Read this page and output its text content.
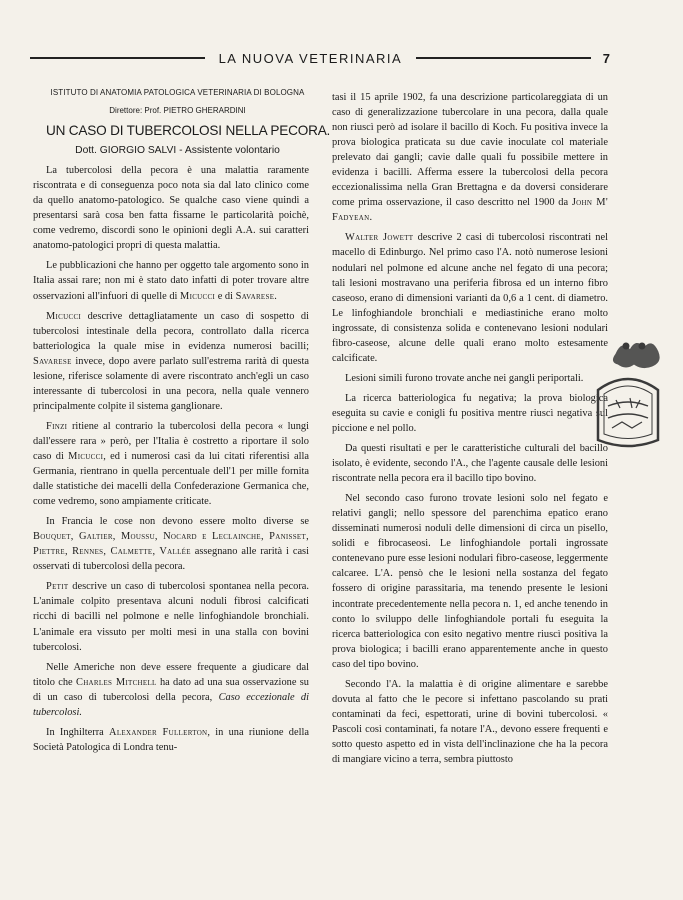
LA NUOVA VETERINARIA	7

ISTITUTO DI ANATOMIA PATOLOGICA VETERINARIA DI BOLOGNA

Direttore: Prof. PIETRO GHERARDINI

UN CASO DI TUBERCOLOSI NELLA PECORA.

Dott. GIORGIO SALVI - Assistente volontario

La tubercolosi della pecora è una malattia raramente riscontrata e di conseguenza poco nota sia dal lato clinico come da quello anatomo-patologico. Se qualche caso viene quindi a presentarsi sarà cosa ben fatta fissarne le particolarità poichè, come vedremo, discordi sono le opinioni degli A.A. sui caratteri anatomo-patologici propri di questa malattia.

Le pubblicazioni che hanno per oggetto tale argomento sono in Italia assai rare; non mi è stato dato infatti di poter trovare altre osservazioni all'infuori di quelle di Micucci e di Savarese.

Micucci descrive dettagliatamente un caso di sospetto di tubercolosi intestinale della pecora, controllato dalla ricerca batteriologica la quale mise in evidenza numerosi bacilli; Savarese invece, dopo avere parlato sull'estrema rarità di questa lesione, riferisce solamente di avere riscontrato anch'egli un caso interessante di tubercolosi in una pecora, nella quale vennero principalmente colpite il sistema ganglionare.

Finzi ritiene al contrario la tubercolosi della pecora « lungi dall'essere rara » però, per l'Italia è costretto a riportare il solo caso di Micucci, ed i numerosi casi da lui citati riferentisi alla Germania, rientrano in quella percentuale dell'1 per mille fornita dalle statistiche dei macelli della Confederazione Germanica che, come vedremo, sono ampiamente criticate.

In Francia le cose non devono essere molto diverse se Bouquet, Galtier, Moussu, Nocard e Leclainche, Panisset, Piettre, Rennes, Calmette, Vallée assegnano alle rarità i casi osservati di tubercolosi della pecora.

Petit descrive un caso di tubercolosi spontanea nella pecora. L'animale colpito presentava alcuni noduli fibrosi calcificati ricchi di bacilli nel polmone e nelle linfoghiandole bronchiali. L'animale era vissuto per molti mesi in una stalla con bovini tubercolosi.

Nelle Americhe non deve essere frequente a giudicare dal titolo che Charles Mitchell ha dato ad una sua osservazione su di un caso di tubercolosi della pecora, Caso eccezionale di tubercolosi.

In Inghilterra Alexander Fullerton, in una riunione della Società Patologica di Londra tenu-

tasi il 15 aprile 1902, fa una descrizione particolareggiata di un caso di generalizzazione tubercolare in una pecora, dalla quale non riuscì però ad isolare il bacillo di Koch. Fu positiva invece la prova biologica praticata su due cavie inoculate col materiale prelevato dai gangli; cavie dalle quali fu possibile mettere in evidenza i bacilli. Afferma essere la tubercolosi della pecora eccezionalissima nella Gran Brettagna e da doversi considerare come prima osservazione, il caso descritto nel 1900 da John M' Fadyean.

Walter Jowett descrive 2 casi di tubercolosi riscontrati nel macello di Edinburgo. Nel primo caso l'A. notò numerose lesioni nodulari nel polmone ed alcune anche nel fegato di una pecora; tali lesioni mostravano una periferia fibrosa ed un interno fibro caseoso, erano di dimensioni varianti da 0,6 a 1 cent. di diametro. Le linfoghiandole bronchiali e mediastiniche erano molto ingrossate, di consistenza solida e contenevano lesioni nodulari fibro-caseose, alcune delle quali erano molto estesamente calcificate.

Lesioni simili furono trovate anche nei gangli periportali.

La ricerca batteriologica fu negativa; la prova biologica eseguita su cavie e conigli fu positiva mentre riuscì negativa sul piccione e nel pollo.

Da questi risultati e per le caratteristiche culturali del bacillo isolato, è evidente, secondo l'A., che l'agente causale delle lesioni riscontrate nella pecora era il bacillo tipo bovino.

Nel secondo caso furono trovate lesioni solo nel fegato e relativi gangli; nello spessore del parenchima epatico erano disseminati numerosi noduli delle dimensioni di circa un pisello, solidi e fibrocaseosi. Le linfoghiandole portali ingrossate contenevano pure esse lesioni nodulari fibro-caseose, leggermente calcaree. L'A. pensò che le lesioni nella sostanza del fegato fossero di origine parassitaria, ma tenendo presente le lesioni incontrate precedentemente nella pecora n. 1, ed anche tenendo in conto lo sviluppo delle linfoghiandole portali fu eseguita la ricerca batteriologica con esito negativo mentre riuscì positiva la prova biologica; i bacilli erano apparentemente anche in questo caso del tipo bovino.

Secondo l'A. la malattia è di origine alimentare e sarebbe dovuta al fatto che le pecore si infettano pascolando su prati contaminati da feci, espettorati, urine di bovini tubercolosi. « Pascoli così contaminati, fa notare l'A., devono essere frequenti e sotto questo aspetto ed in vista dell'inclinazione che ha la pecora di mangiare vicino a terra, sembra piuttosto
